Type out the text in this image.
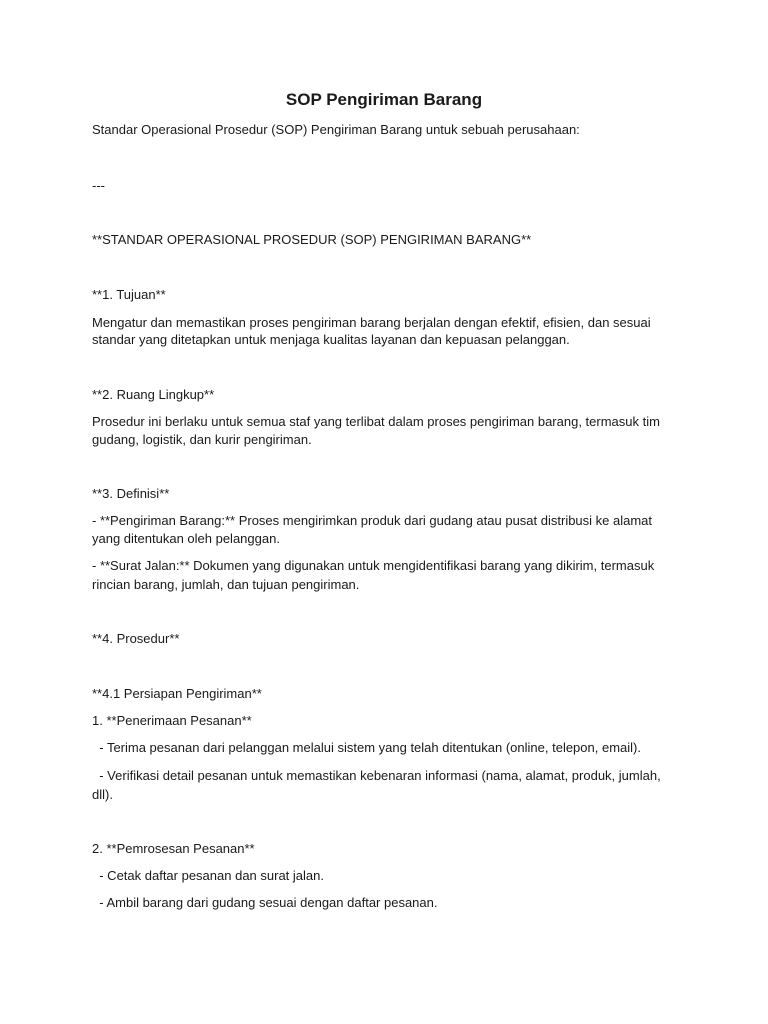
SOP Pengiriman Barang
Standar Operasional Prosedur (SOP) Pengiriman Barang untuk sebuah perusahaan:
---
**STANDAR OPERASIONAL PROSEDUR (SOP) PENGIRIMAN BARANG**
**1. Tujuan**
Mengatur dan memastikan proses pengiriman barang berjalan dengan efektif, efisien, dan sesuai
standar yang ditetapkan untuk menjaga kualitas layanan dan kepuasan pelanggan.
**2. Ruang Lingkup**
Prosedur ini berlaku untuk semua staf yang terlibat dalam proses pengiriman barang, termasuk tim
gudang, logistik, dan kurir pengiriman.
**3. Definisi**
- **Pengiriman Barang:** Proses mengirimkan produk dari gudang atau pusat distribusi ke alamat
yang ditentukan oleh pelanggan.
- **Surat Jalan:** Dokumen yang digunakan untuk mengidentifikasi barang yang dikirim, termasuk
rincian barang, jumlah, dan tujuan pengiriman.
**4. Prosedur**
**4.1 Persiapan Pengiriman**
1. **Penerimaan Pesanan**
- Terima pesanan dari pelanggan melalui sistem yang telah ditentukan (online, telepon, email).
- Verifikasi detail pesanan untuk memastikan kebenaran informasi (nama, alamat, produk, jumlah,
dll).
2. **Pemrosesan Pesanan**
- Cetak daftar pesanan dan surat jalan.
- Ambil barang dari gudang sesuai dengan daftar pesanan.
